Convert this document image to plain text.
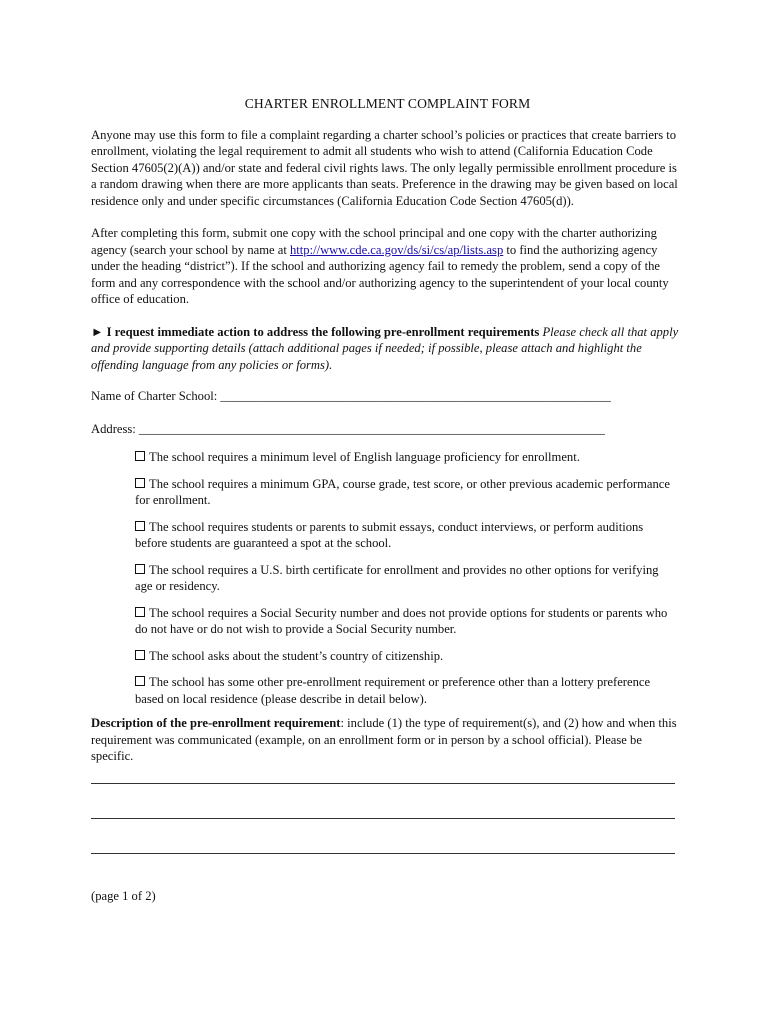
CHARTER ENROLLMENT COMPLAINT FORM

Anyone may use this form to file a complaint regarding a charter school’s policies or practices that create barriers to enrollment, violating the legal requirement to admit all students who wish to attend (California Education Code Section 47605(2)(A)) and/or state and federal civil rights laws. The only legally permissible enrollment procedure is a random drawing when there are more applicants than seats. Preference in the drawing may be given based on local residence only and under specific circumstances (California Education Code Section 47605(d)).

After completing this form, submit one copy with the school principal and one copy with the charter authorizing agency (search your school by name at http://www.cde.ca.gov/ds/si/cs/ap/lists.asp to find the authorizing agency under the heading “district”). If the school and authorizing agency fail to remedy the problem, send a copy of the form and any correspondence with the school and/or authorizing agency to the superintendent of your local county office of education.

► I request immediate action to address the following pre-enrollment requirements Please check all that apply and provide supporting details (attach additional pages if needed; if possible, please attach and highlight the offending language from any policies or forms).

Name of Charter School: ______________________________________________________________
Address: __________________________________________________________________________
The school requires a minimum level of English language proficiency for enrollment.
The school requires a minimum GPA, course grade, test score, or other previous academic performance for enrollment.
The school requires students or parents to submit essays, conduct interviews, or perform auditions before students are guaranteed a spot at the school.
The school requires a U.S. birth certificate for enrollment and provides no other options for verifying age or residency.
The school requires a Social Security number and does not provide options for students or parents who do not have or do not wish to provide a Social Security number.
The school asks about the student’s country of citizenship.
The school has some other pre-enrollment requirement or preference other than a lottery preference based on local residence (please describe in detail below).

Description of the pre-enrollment requirement: include (1) the type of requirement(s), and (2) how and when this requirement was communicated (example, on an enrollment form or in person by a school official). Please be specific.

(page 1 of 2)
